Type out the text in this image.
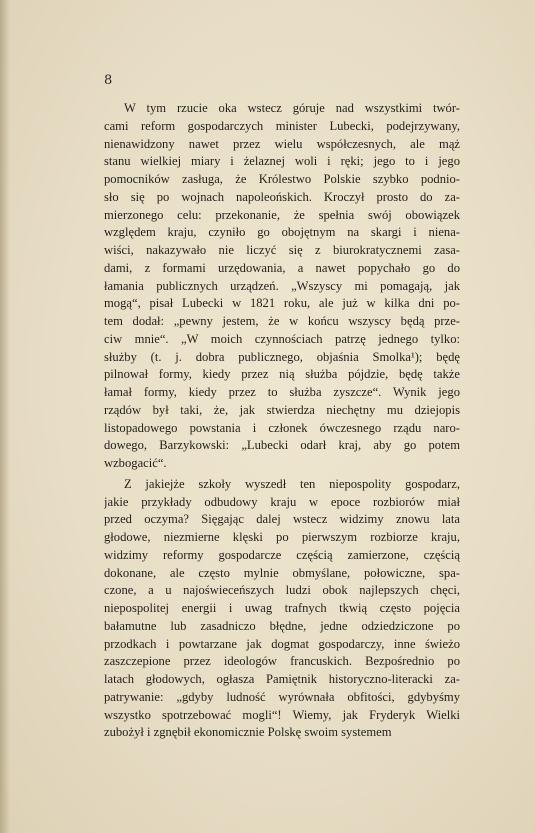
8
W tym rzucie oka wstecz góruje nad wszystkimi twór-
cami reform gospodarczych minister Lubecki, podejrzywany,
nienawidzony nawet przez wielu współczesnych, ale mąż
stanu wielkiej miary i żelaznej woli i ręki; jego to i jego
pomocników zasługa, że Królestwo Polskie szybko podnio-
sło się po wojnach napoleońskich. Kroczył prosto do za-
mierzonego celu: przekonanie, że spełnia swój obowiązek
względem kraju, czyniło go obojętnym na skargi i niena-
wiści, nakazywało nie liczyć się z biurokratycznemi zasa-
dami, z formami urzędowania, a nawet popychało go do
łamania publicznych urządzeń. „Wszyscy mi pomagają, jak
mogą“, pisał Lubecki w 1821 roku, ale już w kilka dni po-
tem dodał: „pewny jestem, że w końcu wszyscy będą prze-
ciw mnie“. „W moich czynnościach patrzę jednego tylko:
służby (t. j. dobra publicznego, objaśnia Smolka¹); będę
pilnował formy, kiedy przez nią służba pójdzie, będę także
łamał formy, kiedy przez to służba zyszcze“. Wynik jego
rządów był taki, że, jak stwierdza niechętny mu dziejopis
listopadowego powstania i członek ówczesnego rządu naro-
dowego, Barzykowski: „Lubecki odarł kraj, aby go potem
wzbogacić“.
Z jakiejże szkoły wyszedł ten niepospolity gospodarz,
jakie przykłady odbudowy kraju w epoce rozbiorów miał
przed oczyma? Sięgając dalej wstecz widzimy znowu lata
głodowe, niezmierne klęski po pierwszym rozbiorze kraju,
widzimy reformy gospodarcze częścią zamierzone, częścią
dokonane, ale często mylnie obmyślane, połowiczne, spa-
czone, a u najoświeceńszych ludzi obok najlepszych chęci,
niepospolitej energii i uwag trafnych tkwią często pojęcia
bałamutne lub zasadniczo błędne, jedne odziedziczone po
przodkach i powtarzane jak dogmat gospodarczy, inne świeżo
zaszczepione przez ideologów francuskich. Bezpośrednio po
latach głodowych, ogłasza Pamiętnik historyczno-literacki za-
patrywanie: „gdyby ludność wyrównała obfitości, gdybyśmy
wszystko spotrzebować mogli“! Wiemy, jak Fryderyk Wielki
zubożył i zgnębił ekonomicznie Polskę swoim systemem
